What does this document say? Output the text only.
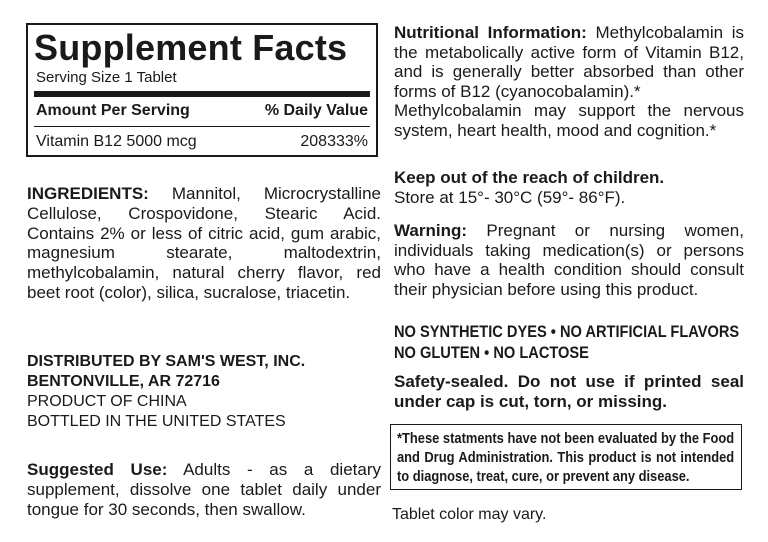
Supplement Facts
Serving Size 1 Tablet
Amount Per Serving	% Daily Value
Vitamin B12 5000 mcg	208333%
INGREDIENTS: Mannitol, Microcrystalline Cellulose, Crospovidone, Stearic Acid. Contains 2% or less of citric acid, gum arabic, magnesium stearate, maltodextrin, methylcobalamin, natural cherry flavor, red beet root (color), silica, sucralose, triacetin.
DISTRIBUTED BY SAM'S WEST, INC.
BENTONVILLE, AR 72716
PRODUCT OF CHINA
BOTTLED IN THE UNITED STATES
Suggested Use: Adults - as a dietary supplement, dissolve one tablet daily under tongue for 30 seconds, then swallow.
Nutritional Information: Methylcobalamin is the metabolically active form of Vitamin B12, and is generally better absorbed than other forms of B12 (cyanocobalamin).*
Methylcobalamin may support the nervous system, heart health, mood and cognition.*
Keep out of the reach of children.
Store at 15°- 30°C (59°- 86°F).
Warning: Pregnant or nursing women, individuals taking medication(s) or persons who have a health condition should consult their physician before using this product.
NO SYNTHETIC DYES • NO ARTIFICIAL FLAVORS
NO GLUTEN • NO LACTOSE
Safety-sealed. Do not use if printed seal under cap is cut, torn, or missing.
*These statments have not been evaluated by the Food and Drug Administration. This product is not intended to diagnose, treat, cure, or prevent any disease.
Tablet color may vary.
